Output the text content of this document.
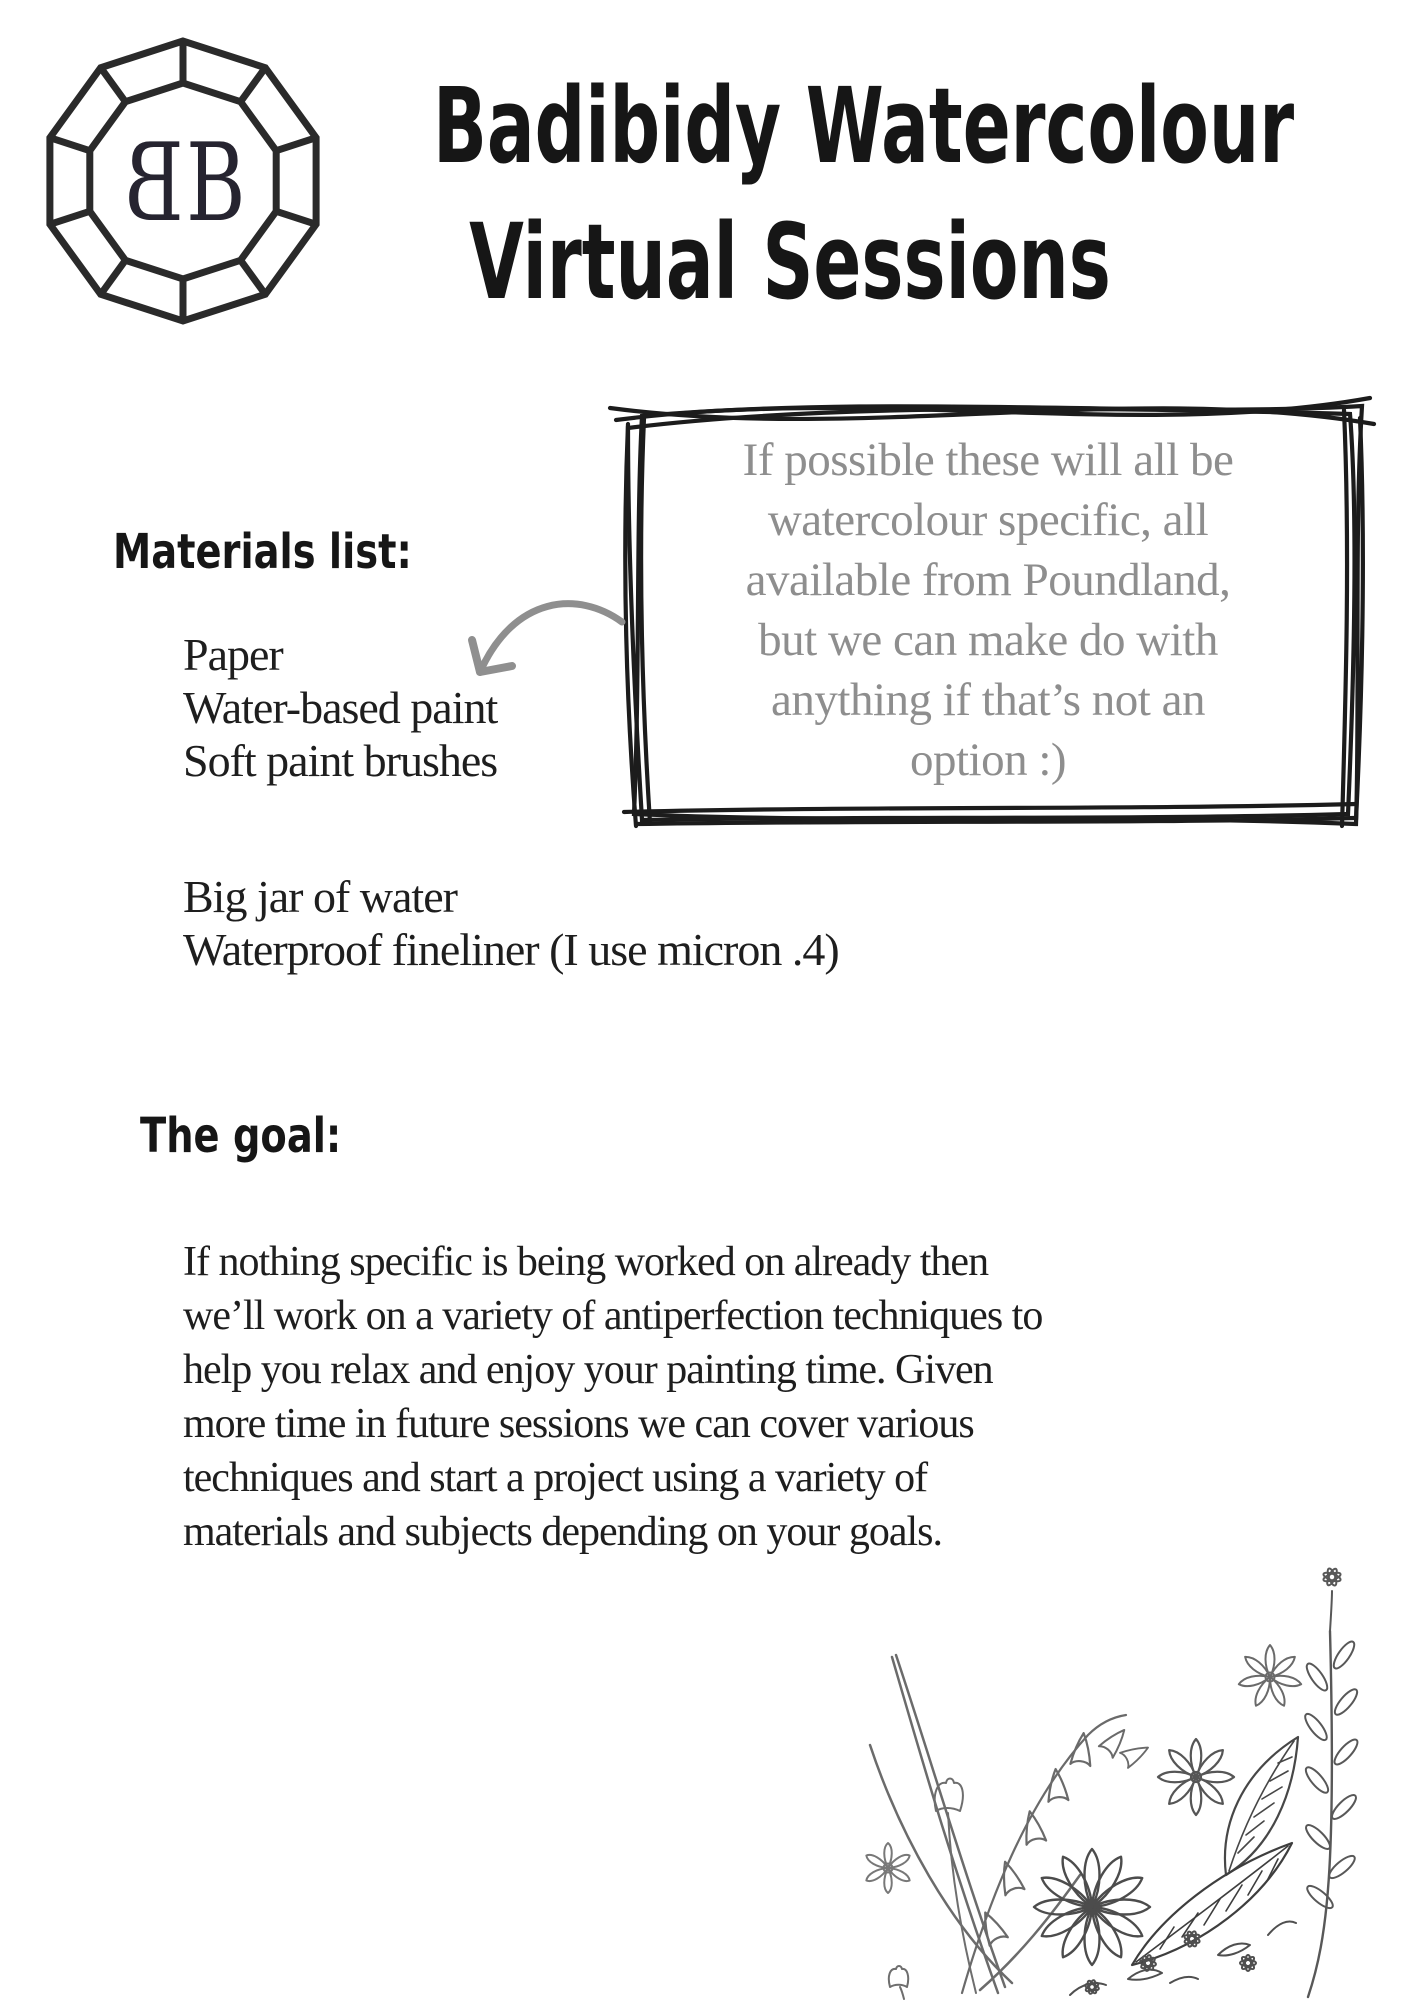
B B Badibidy Watercolour
Virtual Sessions
If possible these will all be
watercolour specific, all
available from Poundland,
but we can make do with
anything if that’s not an
option :)
Materials list:
Paper
Water-based paint
Soft paint brushes
Big jar of water
Waterproof fineliner (I use micron .4)
The goal:
If nothing specific is being worked on already then
we’ll work on a variety of antiperfection techniques to
help you relax and enjoy your painting time. Given
more time in future sessions we can cover various
techniques and start a project using a variety of
materials and subjects depending on your goals.
